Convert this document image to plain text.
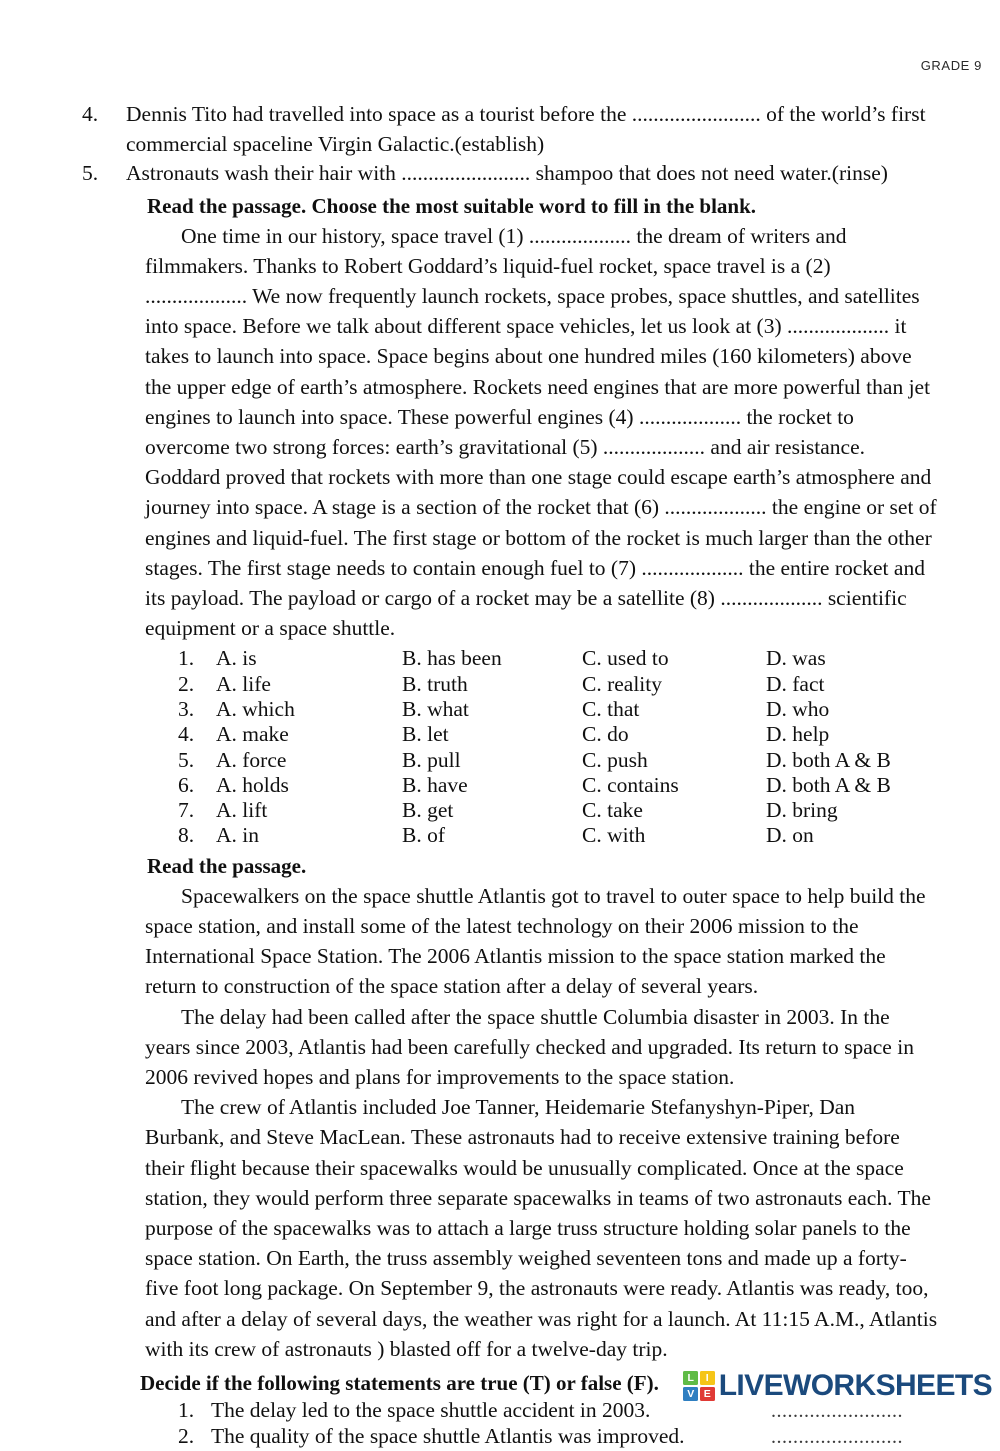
GRADE 9
4. Dennis Tito had travelled into space as a tourist before the ........................ of the world’s first commercial spaceline Virgin Galactic.(establish)
5. Astronauts wash their hair with ........................ shampoo that does not need water.(rinse)
Read the passage. Choose the most suitable word to fill in the blank.

One time in our history, space travel (1) ................... the dream of writers and filmmakers. Thanks to Robert Goddard’s liquid-fuel rocket, space travel is a (2) ................... We now frequently launch rockets, space probes, space shuttles, and satellites into space. Before we talk about different space vehicles, let us look at (3) ................... it takes to launch into space. Space begins about one hundred miles (160 kilometers) above the upper edge of earth’s atmosphere. Rockets need engines that are more powerful than jet engines to launch into space. These powerful engines (4) ................... the rocket to overcome two strong forces: earth’s gravitational (5) ................... and air resistance. Goddard proved that rockets with more than one stage could escape earth’s atmosphere and journey into space. A stage is a section of the rocket that (6) ................... the engine or set of engines and liquid-fuel. The first stage or bottom of the rocket is much larger than the other stages. The first stage needs to contain enough fuel to (7) ................... the entire rocket and its payload. The payload or cargo of a rocket may be a satellite (8) ................... scientific equipment or a space shuttle.

1.	A. is	B. has been	C. used to	D. was
2.	A. life	B. truth	C. reality	D. fact
3.	A. which	B. what	C. that	D. who
4.	A. make	B. let	C. do	D. help
5.	A. force	B. pull	C. push	D. both A & B
6.	A. holds	B. have	C. contains	D. both A & B
7.	A. lift	B. get	C. take	D. bring
8.	A. in	B. of	C. with	D. on
Read the passage.

Spacewalkers on the space shuttle Atlantis got to travel to outer space to help build the space station, and install some of the latest technology on their 2006 mission to the International Space Station. The 2006 Atlantis mission to the space station marked the return to construction of the space station after a delay of several years.

The delay had been called after the space shuttle Columbia disaster in 2003. In the years since 2003, Atlantis had been carefully checked and upgraded. Its return to space in 2006 revived hopes and plans for improvements to the space station.

The crew of Atlantis included Joe Tanner, Heidemarie Stefanyshyn-Piper, Dan Burbank, and Steve MacLean. These astronauts had to receive extensive training before their flight because their spacewalks would be unusually complicated. Once at the space station, they would perform three separate spacewalks in teams of two astronauts each. The purpose of the spacewalks was to attach a large truss structure holding solar panels to the space station. On Earth, the truss assembly weighed seventeen tons and made up a forty-five foot long package. On September 9, the astronauts were ready. Atlantis was ready, too, and after a delay of several days, the weather was right for a launch. At 11:15 A.M., Atlantis with its crew of astronauts ) blasted off for a twelve-day trip.

Decide if the following statements are true (T) or false (F).
1. The delay led to the space shuttle accident in 2003.	........................
2. The quality of the space shuttle Atlantis was improved.	........................
L	I
V E LIVEWORKSHEETS
